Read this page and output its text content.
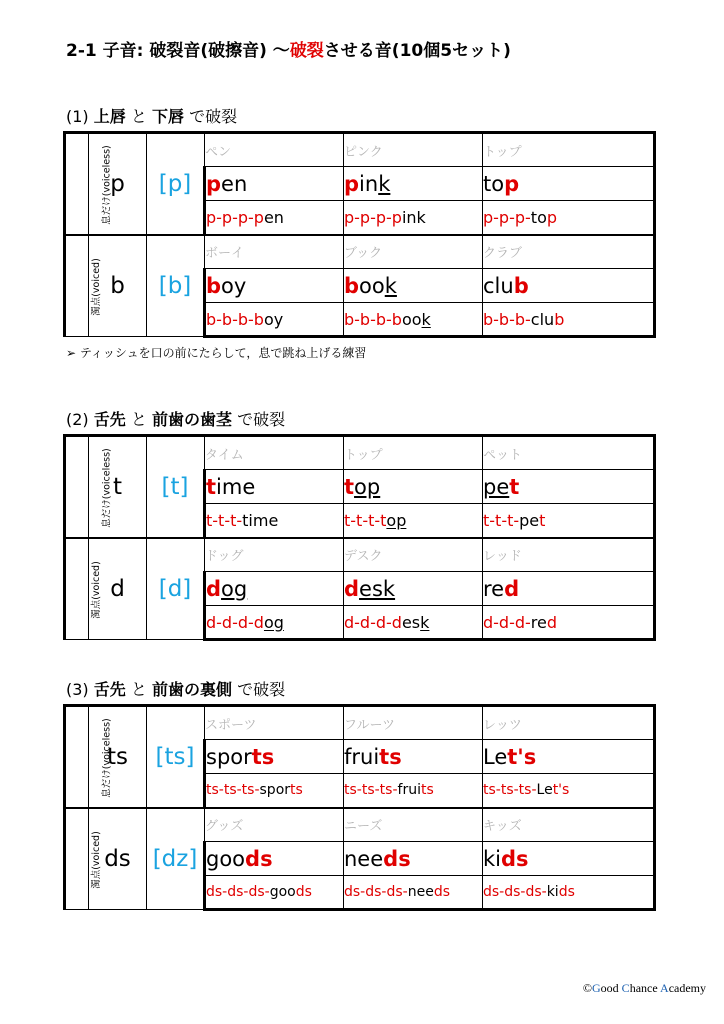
2-1 子音: 破裂音(破擦音) ～破裂させる音(10個5セット)
(1) 上唇 と 下唇 で破裂
息だけ(voiceless)	p	[p]	ペン	ピンク	トップ
			pen	pink	top
			p-p-p-pen	p-p-p-pink	p-p-p-top
濁点(voiced)	b	[b]	ボーイ	ブック	クラブ
			boy	book	club
			b-b-b-boy	b-b-b-book	b-b-b-club
➢ ティッシュを口の前にたらして，息で跳ね上げる練習
(2) 舌先 と 前歯の歯茎 で破裂
息だけ(voiceless)	t	[t]	タイム	トップ	ペット
			time	top	pet
			t-t-t-time	t-t-t-top	t-t-t-pet
濁点(voiced)	d	[d]	ドッグ	デスク	レッド
			dog	desk	red
			d-d-d-dog	d-d-d-desk	d-d-d-red
(3) 舌先 と 前歯の裏側 で破裂
息だけ(voiceless)	ts	[ts]	スポーツ	フルーツ	レッツ
			sports	fruits	Let's
			ts-ts-ts-sports	ts-ts-ts-fruits	ts-ts-ts-Let's
濁点(voiced)	ds	[dz]	グッズ	ニーズ	キッズ
			goods	needs	kids
			ds-ds-ds-goods	ds-ds-ds-needs	ds-ds-ds-kids
©Good Chance Academy
